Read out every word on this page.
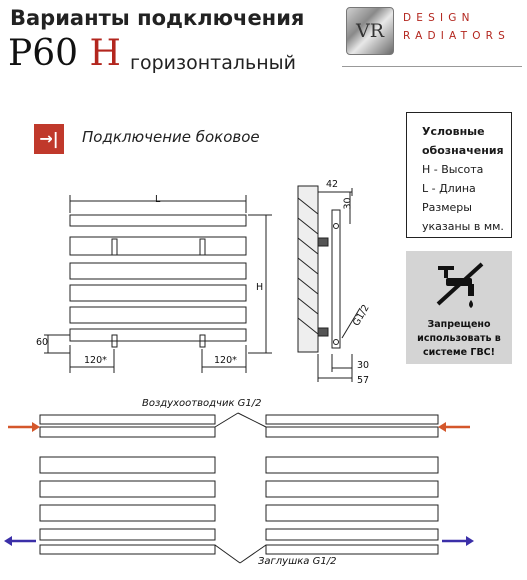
Варианты подключения
P60 H горизонтальный
VR
DESIGN
RADIATORS
→|	Подключение боковое	Условные обозначения
H - Высота
L - Длина
Размеры указаны в мм.
Запрещено использовать в системе ГВС!
L
H
60
120*	120*
42
30
G1/2
30
57
Воздухоотводчик G1/2
Заглушка G1/2
